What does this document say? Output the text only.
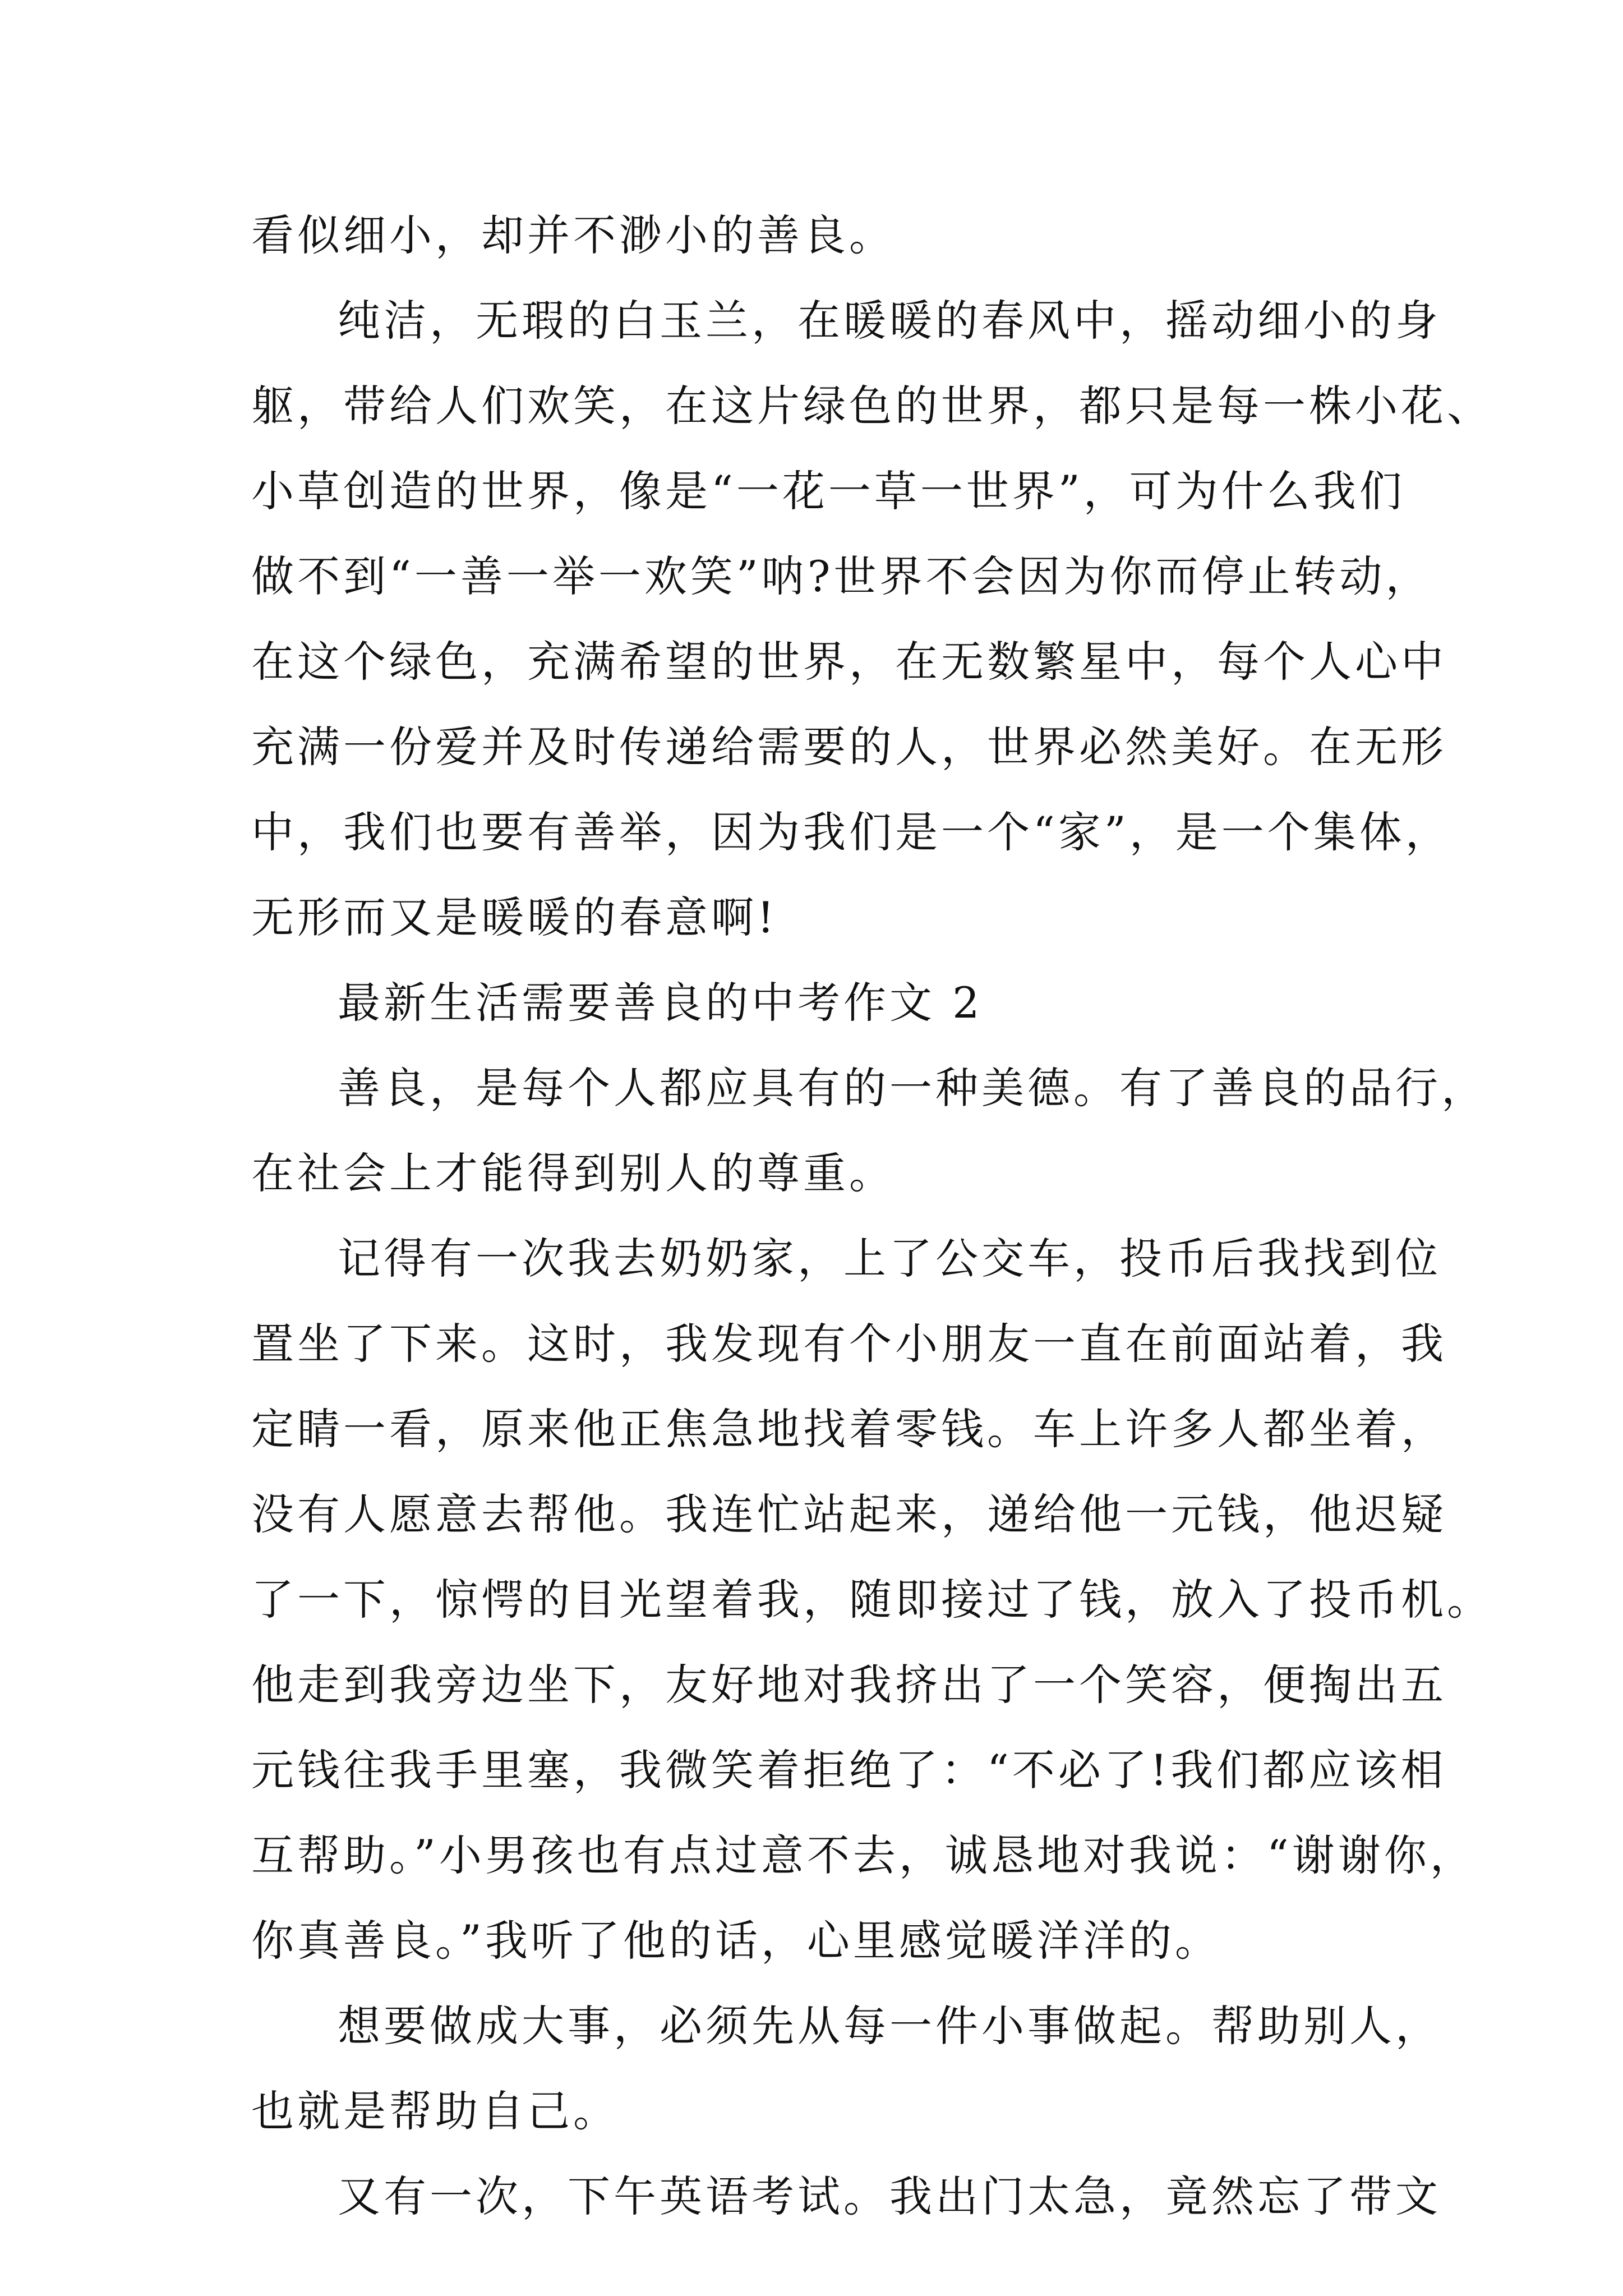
看似细小，却并不渺小的善良。
纯洁，无瑕的白玉兰，在暖暖的春风中，摇动细小的身
躯，带给人们欢笑，在这片绿色的世界，都只是每一株小花、
小草创造的世界，像是“一花一草一世界”，可为什么我们
做不到“一善一举一欢笑”呐?世界不会因为你而停止转动，
在这个绿色，充满希望的世界，在无数繁星中，每个人心中
充满一份爱并及时传递给需要的人，世界必然美好。在无形
中，我们也要有善举，因为我们是一个“家”，是一个集体，
无形而又是暖暖的春意啊!
最新生活需要善良的中考作文 2
善良，是每个人都应具有的一种美德。有了善良的品行，
在社会上才能得到别人的尊重。
记得有一次我去奶奶家，上了公交车，投币后我找到位
置坐了下来。这时，我发现有个小朋友一直在前面站着，我
定睛一看，原来他正焦急地找着零钱。车上许多人都坐着，
没有人愿意去帮他。我连忙站起来，递给他一元钱，他迟疑
了一下，惊愕的目光望着我，随即接过了钱，放入了投币机。
他走到我旁边坐下，友好地对我挤出了一个笑容，便掏出五
元钱往我手里塞，我微笑着拒绝了：“不必了!我们都应该相
互帮助。”小男孩也有点过意不去，诚恳地对我说：“谢谢你，
你真善良。”我听了他的话，心里感觉暖洋洋的。
想要做成大事，必须先从每一件小事做起。帮助别人，
也就是帮助自己。
又有一次，下午英语考试。我出门太急，竟然忘了带文
